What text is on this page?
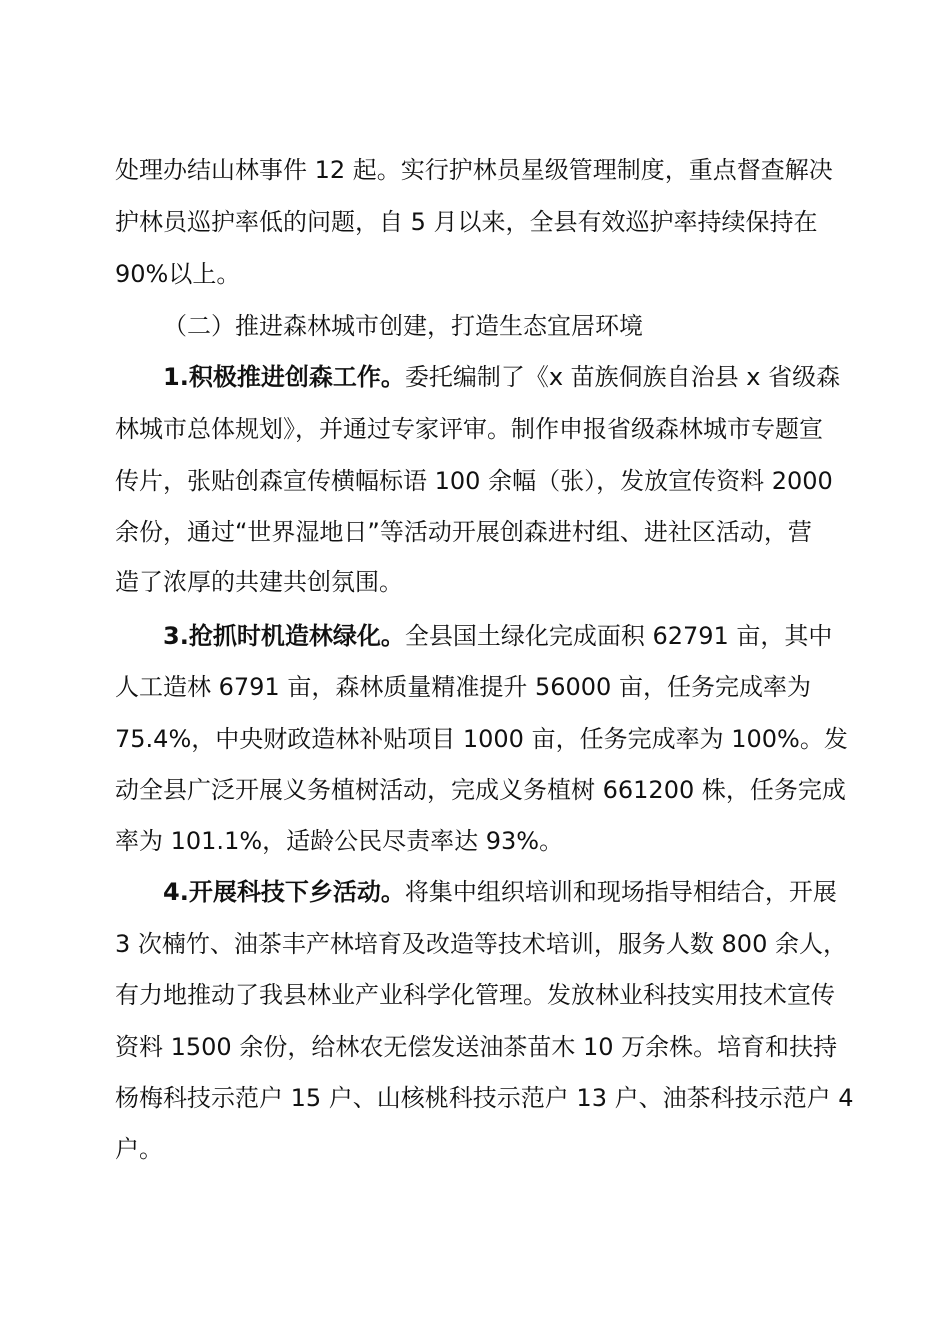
处理办结山林事件 12 起。实行护林员星级管理制度，重点督查解决
护林员巡护率低的问题，自 5 月以来，全县有效巡护率持续保持在
90%以上。
（二）推进森林城市创建，打造生态宜居环境
1.积极推进创森工作。委托编制了《x 苗族侗族自治县 x 省级森
林城市总体规划》，并通过专家评审。制作申报省级森林城市专题宣
传片，张贴创森宣传横幅标语 100 余幅（张），发放宣传资料 2000
余份，通过“世界湿地日”等活动开展创森进村组、进社区活动，营
造了浓厚的共建共创氛围。
3.抢抓时机造林绿化。全县国土绿化完成面积 62791 亩，其中
人工造林 6791 亩，森林质量精准提升 56000 亩，任务完成率为
75.4%，中央财政造林补贴项目 1000 亩，任务完成率为 100%。发
动全县广泛开展义务植树活动，完成义务植树 661200 株，任务完成
率为 101.1%，适龄公民尽责率达 93%。
4.开展科技下乡活动。将集中组织培训和现场指导相结合，开展
3 次楠竹、油茶丰产林培育及改造等技术培训，服务人数 800 余人，
有力地推动了我县林业产业科学化管理。发放林业科技实用技术宣传
资料 1500 余份，给林农无偿发送油茶苗木 10 万余株。培育和扶持
杨梅科技示范户 15 户、山核桃科技示范户 13 户、油茶科技示范户 4
户。
